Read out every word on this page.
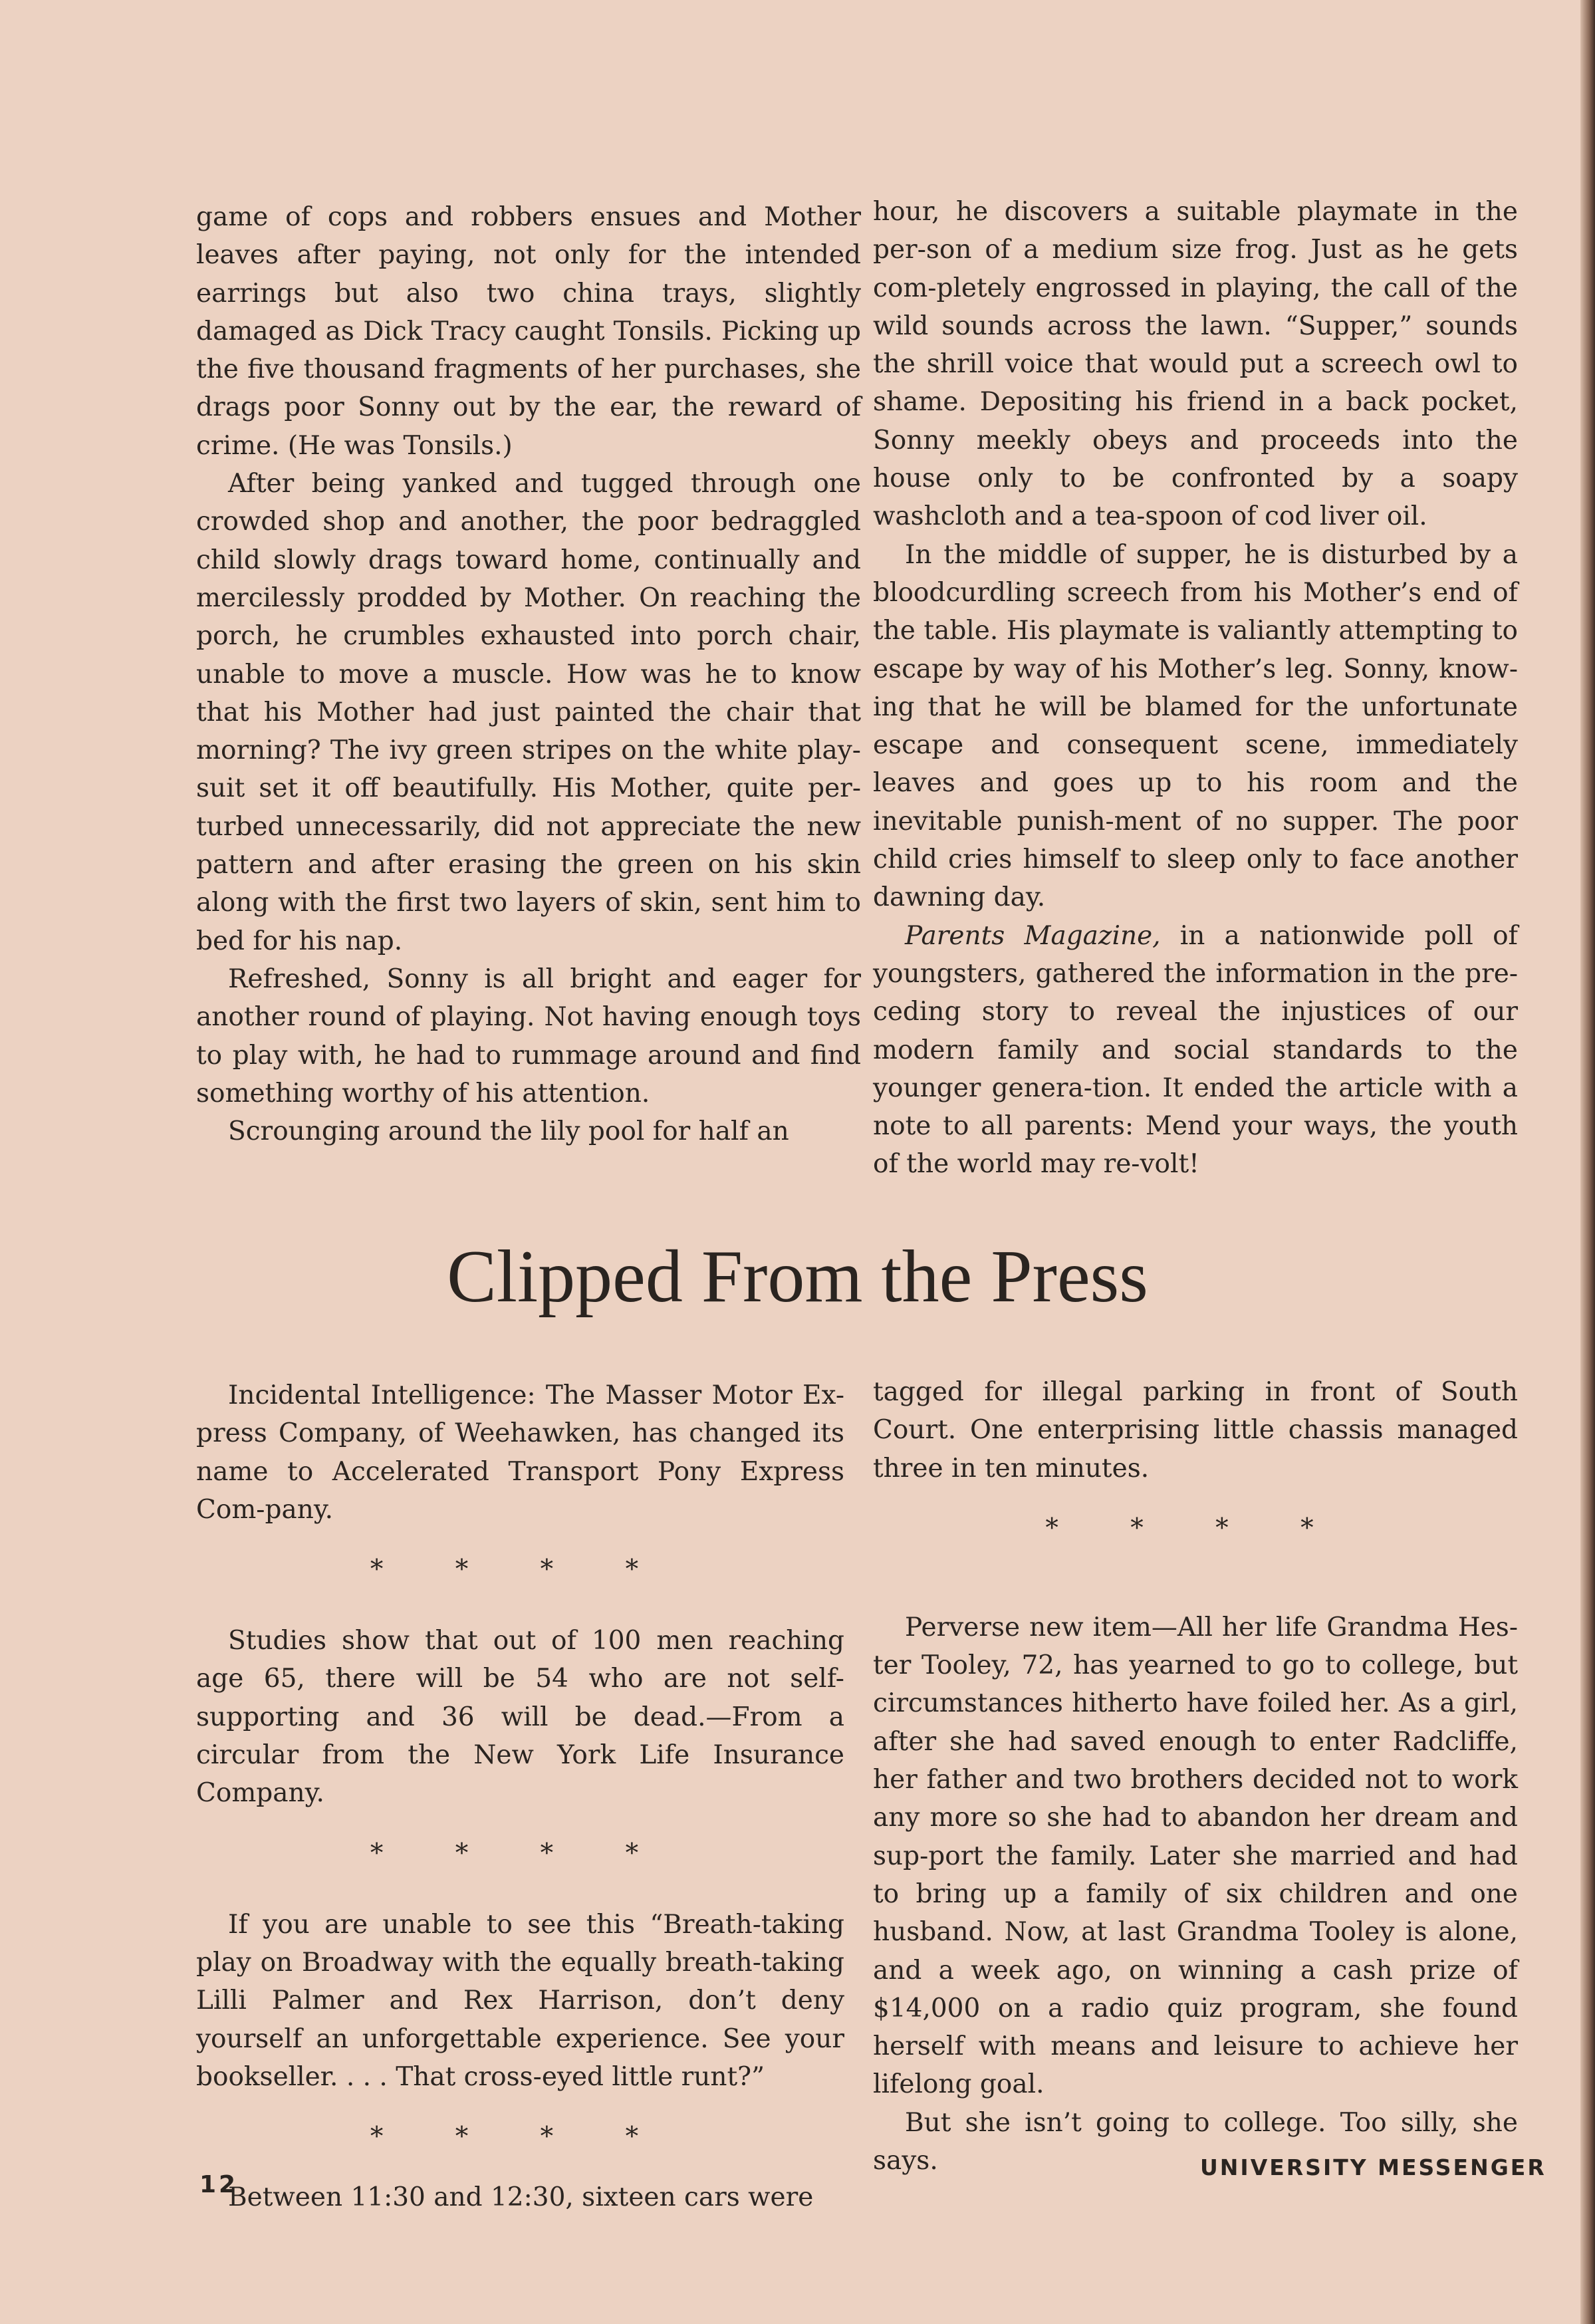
game of cops and robbers ensues and Mother leaves after paying, not only for the intended earrings but also two china trays, slightly damaged as Dick Tracy caught Tonsils. Picking up the five thousand fragments of her purchases, she drags poor Sonny out by the ear, the reward of crime. (He was Tonsils.)

After being yanked and tugged through one crowded shop and another, the poor bedraggled child slowly drags toward home, continually and mercilessly prodded by Mother. On reaching the porch, he crumbles exhausted into porch chair, unable to move a muscle. How was he to know that his Mother had just painted the chair that morning? The ivy green stripes on the white play-suit set it off beautifully. His Mother, quite per-turbed unnecessarily, did not appreciate the new pattern and after erasing the green on his skin along with the first two layers of skin, sent him to bed for his nap.

Refreshed, Sonny is all bright and eager for another round of playing. Not having enough toys to play with, he had to rummage around and find something worthy of his attention.

Scrounging around the lily pool for half an

hour, he discovers a suitable playmate in the per-son of a medium size frog. Just as he gets com-pletely engrossed in playing, the call of the wild sounds across the lawn. “Supper,” sounds the shrill voice that would put a screech owl to shame. Depositing his friend in a back pocket, Sonny meekly obeys and proceeds into the house only to be confronted by a soapy washcloth and a tea-spoon of cod liver oil.

In the middle of supper, he is disturbed by a bloodcurdling screech from his Mother’s end of the table. His playmate is valiantly attempting to escape by way of his Mother’s leg. Sonny, know-ing that he will be blamed for the unfortunate escape and consequent scene, immediately leaves and goes up to his room and the inevitable punish-ment of no supper. The poor child cries himself to sleep only to face another dawning day.

Parents Magazine, in a nationwide poll of youngsters, gathered the information in the pre-ceding story to reveal the injustices of our modern family and social standards to the younger genera-tion. It ended the article with a note to all parents: Mend your ways, the youth of the world may re-volt!

Clipped From the Press

Incidental Intelligence: The Masser Motor Ex-press Company, of Weehawken, has changed its name to Accelerated Transport Pony Express Com-pany.

* * * *

Studies show that out of 100 men reaching age 65, there will be 54 who are not self-supporting and 36 will be dead.—From a circular from the New York Life Insurance Company.

* * * *

If you are unable to see this “Breath-taking play on Broadway with the equally breath-taking Lilli Palmer and Rex Harrison, don’t deny yourself an unforgettable experience. See your bookseller. . . . That cross-eyed little runt?”

* * * *

Between 11:30 and 12:30, sixteen cars were

tagged for illegal parking in front of South Court. One enterprising little chassis managed three in ten minutes.

* * * *

Perverse new item—All her life Grandma Hes-ter Tooley, 72, has yearned to go to college, but circumstances hitherto have foiled her. As a girl, after she had saved enough to enter Radcliffe, her father and two brothers decided not to work any more so she had to abandon her dream and sup-port the family. Later she married and had to bring up a family of six children and one husband. Now, at last Grandma Tooley is alone, and a week ago, on winning a cash prize of $14,000 on a radio quiz program, she found herself with means and leisure to achieve her lifelong goal.

But she isn’t going to college. Too silly, she says.

12
UNIVERSITY MESSENGER
